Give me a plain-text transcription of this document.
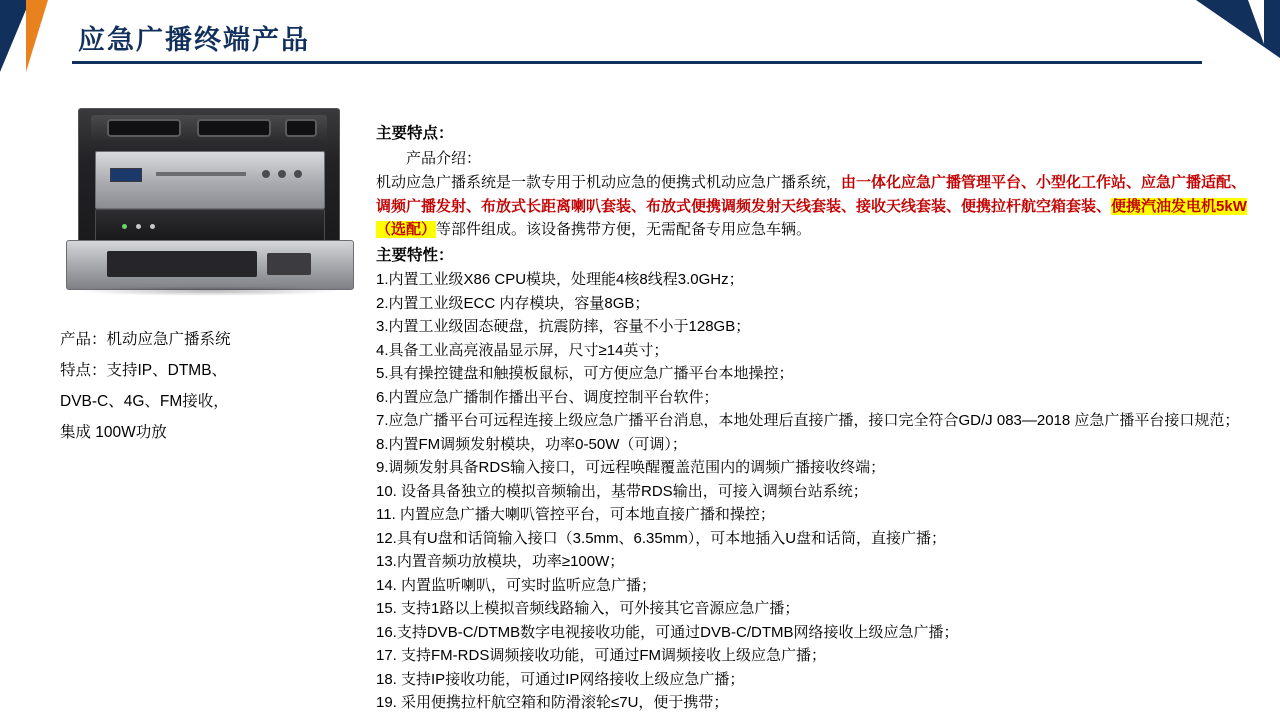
应急广播终端产品
产品：机动应急广播系统
特点：支持IP、DTMB、
DVB-C、4G、FM接收，
集成 100W功放
主要特点：
产品介绍：
机动应急广播系统是一款专用于机动应急的便携式机动应急广播系统，由一体化应急广播管理平台、小型化工作站、应急广播适配、调频广播发射、布放式长距离喇叭套装、布放式便携调频发射天线套装、接收天线套装、便携拉杆航空箱套装、便携汽油发电机5kW（选配）等部件组成。该设备携带方便，无需配备专用应急车辆。
主要特性：
1.内置工业级X86 CPU模块，处理能4核8线程3.0GHz；
2.内置工业级ECC 内存模块，容量8GB；
3.内置工业级固态硬盘，抗震防摔，容量不小于128GB；
4.具备工业高亮液晶显示屏，尺寸≥14英寸；
5.具有操控键盘和触摸板鼠标，可方便应急广播平台本地操控；
6.内置应急广播制作播出平台、调度控制平台软件；
7.应急广播平台可远程连接上级应急广播平台消息，本地处理后直接广播，接口完全符合GD/J 083—2018 应急广播平台接口规范；
8.内置FM调频发射模块，功率0-50W（可调）；
9.调频发射具备RDS输入接口，可远程唤醒覆盖范围内的调频广播接收终端；
10. 设备具备独立的模拟音频输出，基带RDS输出，可接入调频台站系统；
11. 内置应急广播大喇叭管控平台，可本地直接广播和操控；
12.具有U盘和话筒输入接口（3.5mm、6.35mm），可本地插入U盘和话筒，直接广播；
13.内置音频功放模块，功率≥100W；
14. 内置监听喇叭，可实时监听应急广播；
15. 支持1路以上模拟音频线路输入，可外接其它音源应急广播；
16.支持DVB-C/DTMB数字电视接收功能，可通过DVB-C/DTMB网络接收上级应急广播；
17. 支持FM-RDS调频接收功能，可通过FM调频接收上级应急广播；
18. 支持IP接收功能，可通过IP网络接收上级应急广播；
19. 采用便携拉杆航空箱和防滑滚轮≤7U，便于携带；
